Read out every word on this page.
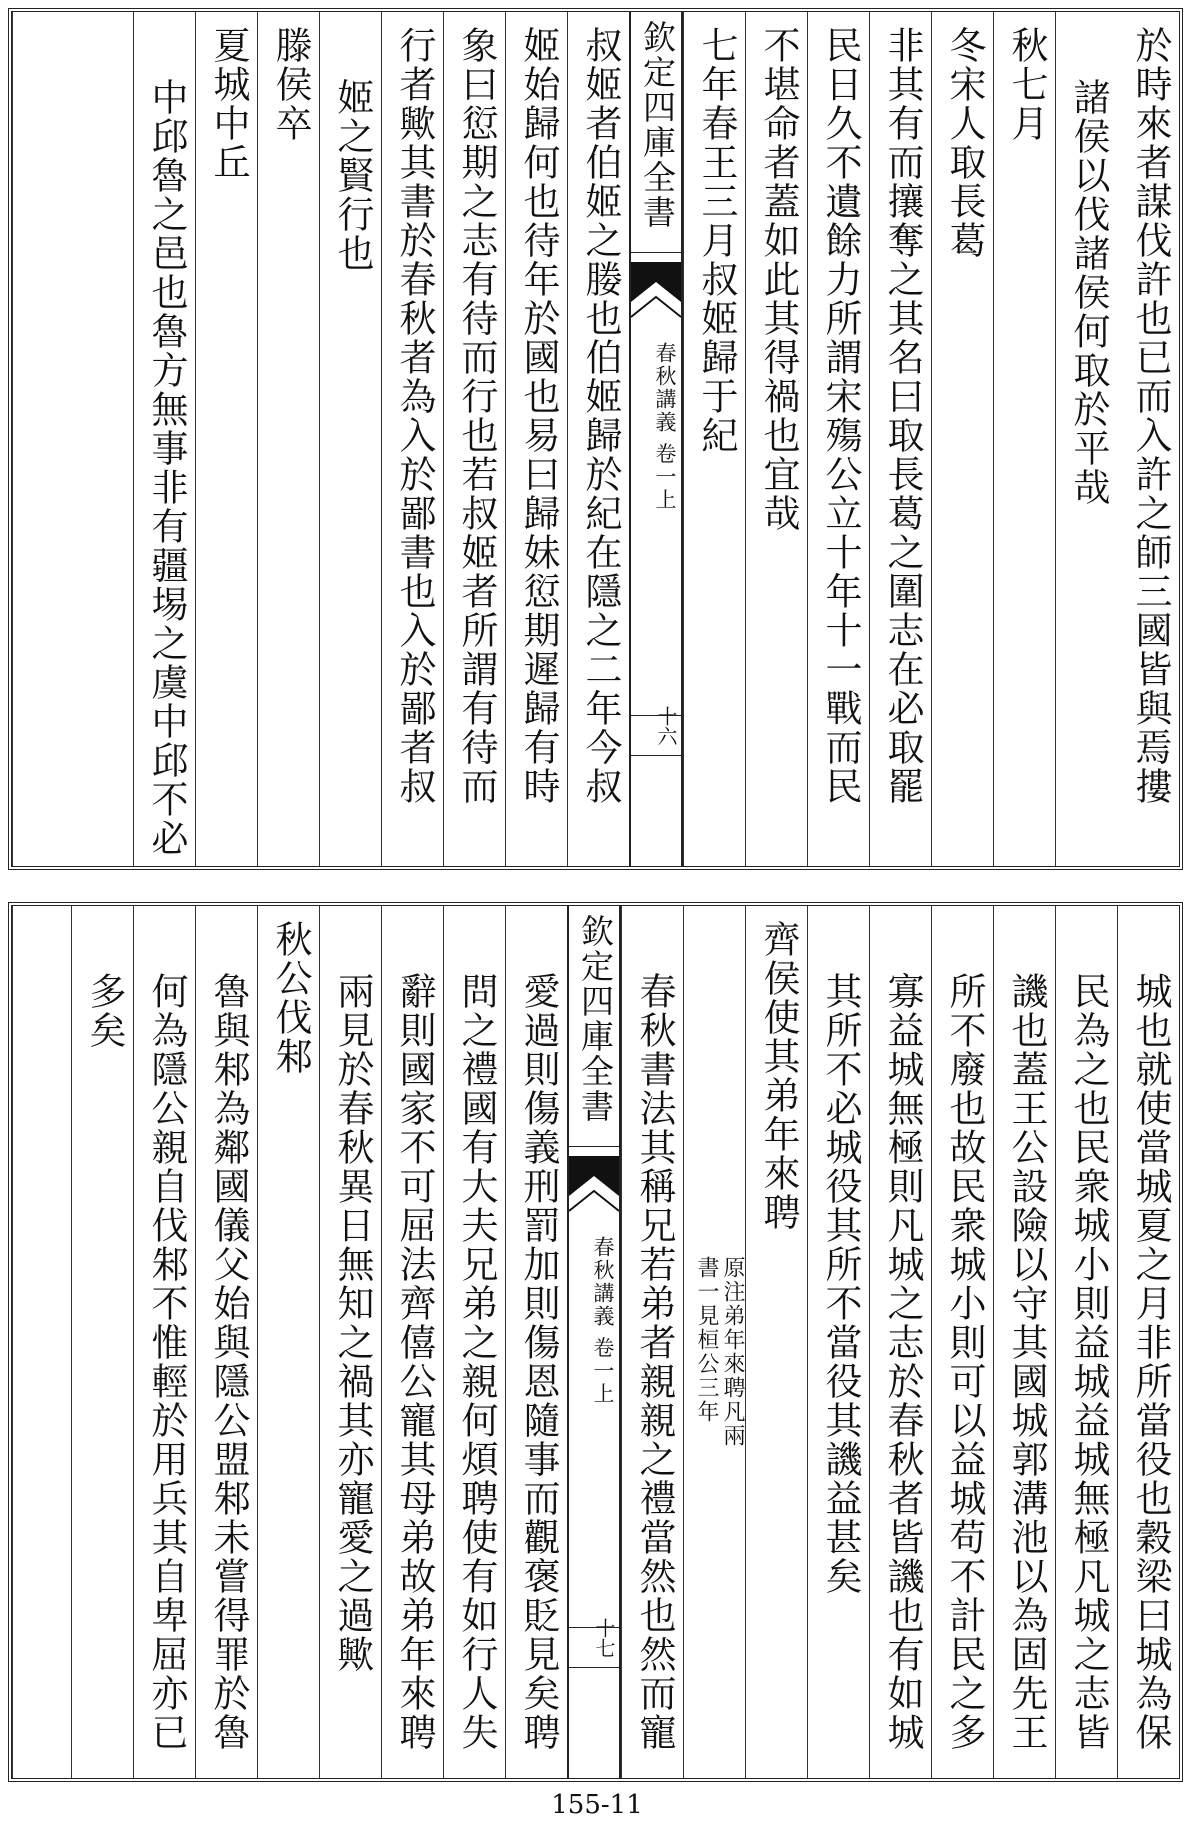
於時來者謀伐許也已而入許之師三國皆與焉摟
諸侯以伐諸侯何取於平哉
秋七月
冬宋人取長葛
非其有而攘奪之其名曰取長葛之圍志在必取罷
民日久不遺餘力所謂宋殤公立十年十一戰而民
不堪命者蓋如此其得禍也宜哉
七年春王三月叔姬歸于紀
欽定四庫全書
春秋講義 卷一上
十六
叔姬者伯姬之媵也伯姬歸於紀在隱之二年今叔
姬始歸何也待年於國也易曰歸妹愆期遲歸有時
象曰愆期之志有待而行也若叔姬者所謂有待而
行者歟其書於春秋者為入於鄙書也入於鄙者叔
姬之賢行也
滕侯卒
夏城中丘
中邱魯之邑也魯方無事非有疆埸之虞中邱不必
城也就使當城夏之月非所當役也穀梁曰城為保
民為之也民衆城小則益城益城無極凡城之志皆
譏也蓋王公設險以守其國城郭溝池以為固先王
所不廢也故民衆城小則可以益城苟不計民之多
寡益城無極則凡城之志於春秋者皆譏也有如城
其所不必城役其所不當役其譏益甚矣
齊侯使其弟年來聘
原注弟年來聘凡兩
書一見桓公三年
春秋書法其稱兄若弟者親親之禮當然也然而寵
欽定四庫全書
春秋講義 卷一上
十七
愛過則傷義刑罰加則傷恩隨事而觀褒貶見矣聘
問之禮國有大夫兄弟之親何煩聘使有如行人失
辭則國家不可屈法齊僖公寵其母弟故弟年來聘
兩見於春秋異日無知之禍其亦寵愛之過歟
秋公伐邾
魯與邾為鄰國儀父始與隱公盟邾未嘗得罪於魯
何為隱公親自伐邾不惟輕於用兵其自卑屈亦已
多矣
155-11
